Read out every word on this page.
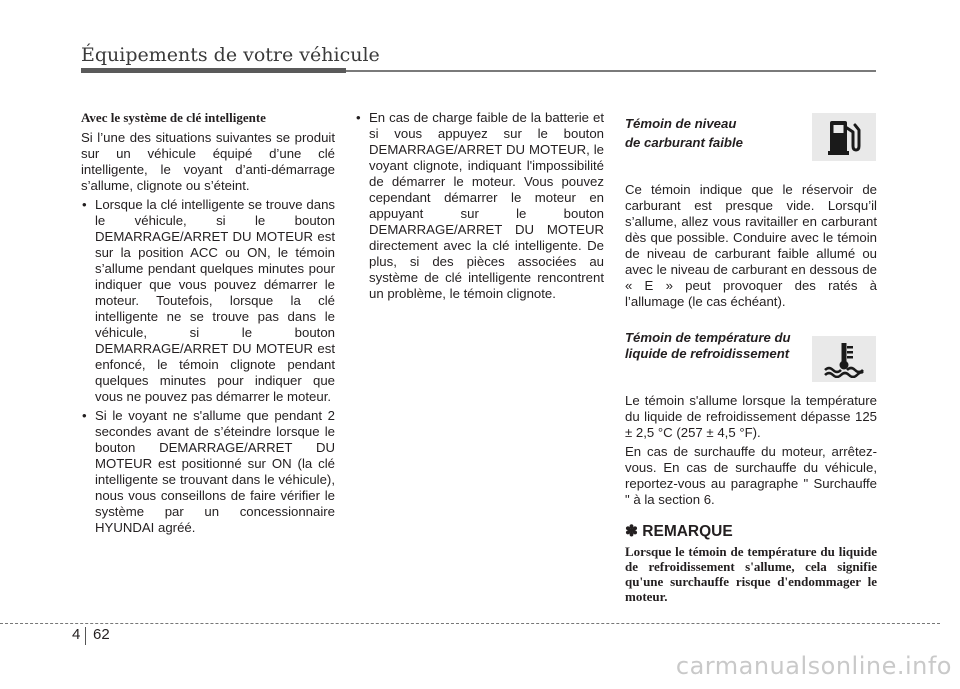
Équipements de votre véhicule
Avec le système de clé intelligente

Si l’une des situations suivantes se produit sur un véhicule équipé d’une clé intelligente, le voyant d’anti-démarrage s’allume, clignote ou s’éteint.

• Lorsque la clé intelligente se trouve dans le véhicule, si le bouton DEMARRAGE/ARRET DU MOTEUR est sur la position ACC ou ON, le témoin s’allume pendant quelques minutes pour indiquer que vous pouvez démarrer le moteur. Toutefois, lorsque la clé intelligente ne se trouve pas dans le véhicule, si le bouton DEMARRAGE/ARRET DU MOTEUR est enfoncé, le témoin clignote pendant quelques minutes pour indiquer que vous ne pouvez pas démarrer le moteur.
• Si le voyant ne s'allume que pendant 2 secondes avant de s’éteindre lorsque le bouton DEMARRAGE/ARRET DU MOTEUR est positionné sur ON (la clé intelligente se trouvant dans le véhicule), nous vous conseillons de faire vérifier le système par un concessionnaire HYUNDAI agréé.
• En cas de charge faible de la batterie et si vous appuyez sur le bouton DEMARRAGE/ARRET DU MOTEUR, le voyant clignote, indiquant l'impossibilité de démarrer le moteur. Vous pouvez cependant démarrer le moteur en appuyant sur le bouton DEMARRAGE/ARRET DU MOTEUR directement avec la clé intelligente. De plus, si des pièces associées au système de clé intelligente rencontrent un problème, le témoin clignote.
Témoin de niveau
de carburant faible

Ce témoin indique que le réservoir de carburant est presque vide. Lorsqu’il s’allume, allez vous ravitailler en carburant dès que possible. Conduire avec le témoin de niveau de carburant faible allumé ou avec le niveau de carburant en dessous de « E » peut provoquer des ratés à l’allumage (le cas échéant).

Témoin de température du
liquide de refroidissement

Le témoin s'allume lorsque la température du liquide de refroidissement dépasse 125 ± 2,5 °C (257 ± 4,5 °F).

En cas de surchauffe du moteur, arrêtez-vous. En cas de surchauffe du véhicule, reportez-vous au paragraphe " Surchauffe " à la section 6.

✽ REMARQUE
Lorsque le témoin de température du liquide de refroidissement s'allume, cela signifie qu'une surchauffe risque d'endommager le moteur.
4 62
carmanualsonline.info
